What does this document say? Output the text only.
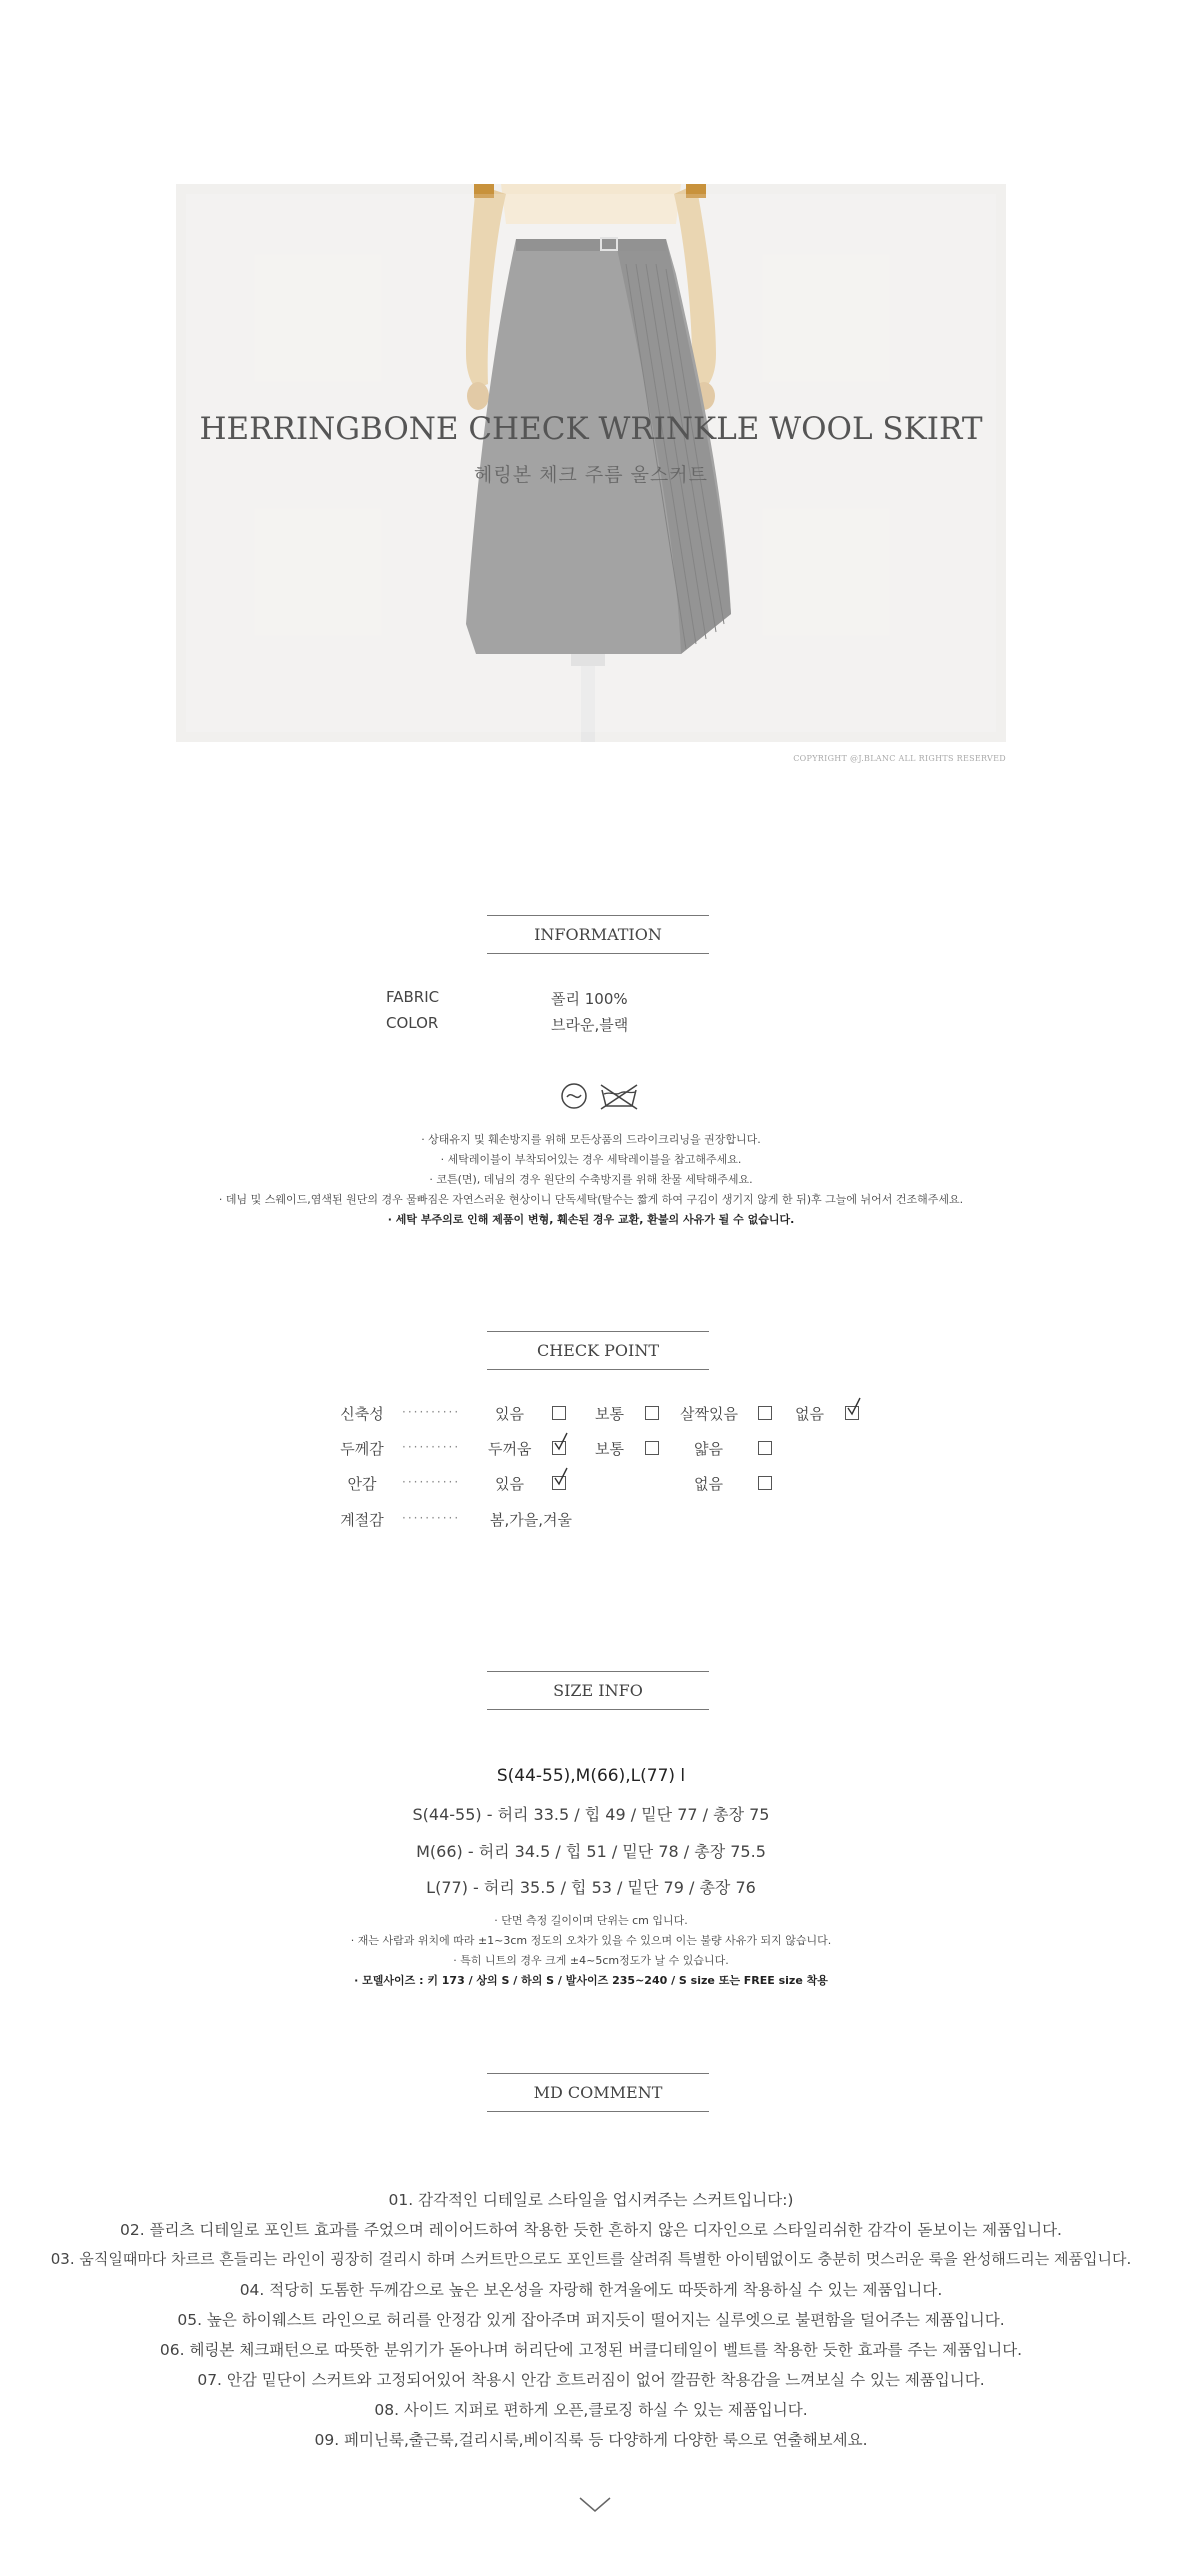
HERRINGBONE CHECK WRINKLE WOOL SKIRT
헤링본 체크 주름 울스커트
COPYRIGHT @J.BLANC ALL RIGHTS RESERVED
INFORMATION
FABRIC	폴리 100%
COLOR	브라운,블랙
· 상태유지 및 훼손방지를 위해 모든상품의 드라이크리닝을 권장합니다.
· 세탁레이블이 부착되어있는 경우 세탁레이블을 참고해주세요.
· 코튼(면), 데님의 경우 원단의 수축방지를 위해 찬물 세탁해주세요.
· 데님 및 스웨이드,염색된 원단의 경우 물빠짐은 자연스러운 현상이니 단독세탁(탈수는 짧게 하여 구김이 생기지 않게 한 뒤)후 그늘에 뉘어서 건조해주세요.
· 세탁 부주의로 인해 제품이 변형, 훼손된 경우 교환, 환불의 사유가 될 수 없습니다.
CHECK POINT
신축성	·········· 있음	보통	살짝있음	없음
두께감	·········· 두꺼움	보통	얇음
안감	·········· 있음	없음
계절감	·········· 봄,가을,겨울
SIZE INFO
S(44-55),M(66),L(77) l
S(44-55) - 허리 33.5 / 힙 49 / 밑단 77 / 총장 75
M(66) - 허리 34.5 / 힙 51 / 밑단 78 / 총장 75.5
L(77) - 허리 35.5 / 힙 53 / 밑단 79 / 총장 76
· 단면 측정 길이이며 단위는 cm 입니다.
· 재는 사람과 위치에 따라 ±1~3cm 정도의 오차가 있을 수 있으며 이는 불량 사유가 되지 않습니다.
· 특히 니트의 경우 크게 ±4~5cm정도가 날 수 있습니다.
· 모델사이즈 : 키 173 / 상의 S / 하의 S / 발사이즈 235~240 / S size 또는 FREE size 착용
MD COMMENT
01. 감각적인 디테일로 스타일을 업시켜주는 스커트입니다:)
02. 플리츠 디테일로 포인트 효과를 주었으며 레이어드하여 착용한 듯한 흔하지 않은 디자인으로 스타일리쉬한 감각이 돋보이는 제품입니다.
03. 움직일때마다 차르르 흔들리는 라인이 굉장히 걸리시 하며 스커트만으로도 포인트를 살려줘 특별한 아이템없이도 충분히 멋스러운 룩을 완성해드리는 제품입니다.
04. 적당히 도톰한 두께감으로 높은 보온성을 자랑해 한겨울에도 따뜻하게 착용하실 수 있는 제품입니다.
05. 높은 하이웨스트 라인으로 허리를 안정감 있게 잡아주며 퍼지듯이 떨어지는 실루엣으로 불편함을 덜어주는 제품입니다.
06. 헤링본 체크패턴으로 따뜻한 분위기가 돋아나며 허리단에 고정된 버클디테일이 벨트를 착용한 듯한 효과를 주는 제품입니다.
07. 안감 밑단이 스커트와 고정되어있어 착용시 안감 흐트러짐이 없어 깔끔한 착용감을 느껴보실 수 있는 제품입니다.
08. 사이드 지퍼로 편하게 오픈,클로징 하실 수 있는 제품입니다.
09. 페미닌룩,출근룩,걸리시룩,베이직룩 등 다양하게 다양한 룩으로 연출해보세요.
